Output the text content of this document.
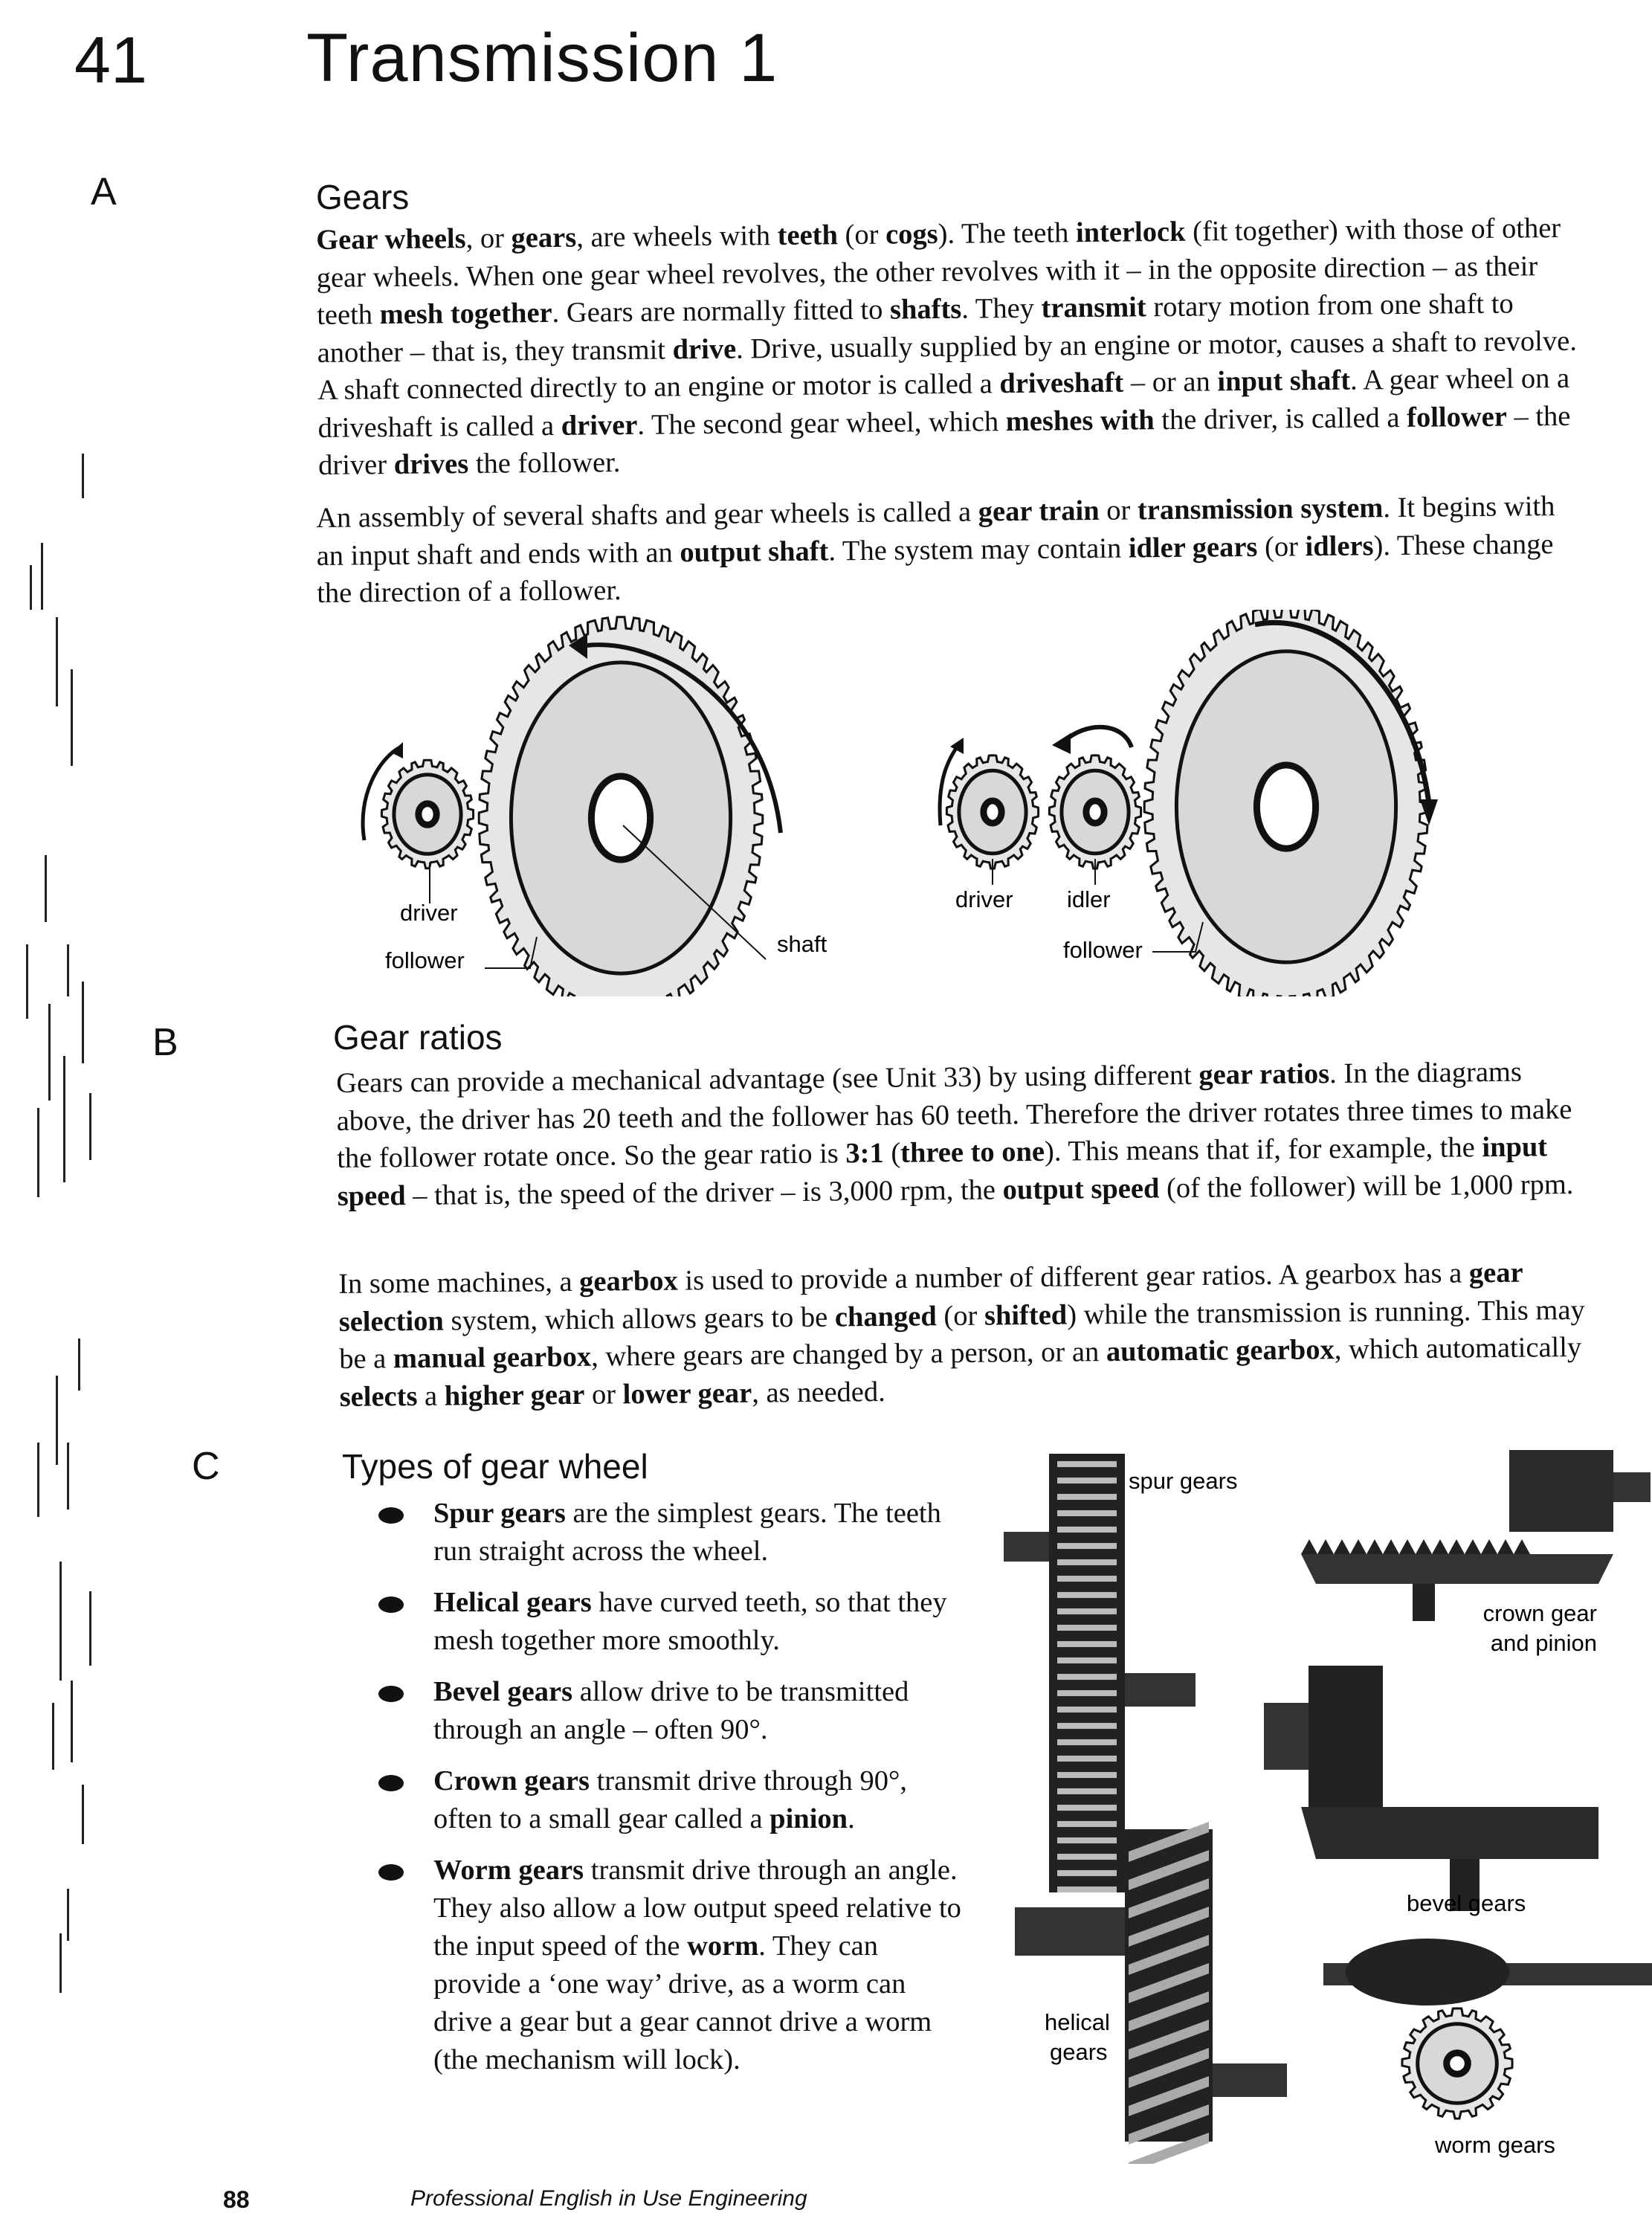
41 Transmission 1
A	Gears
Gear wheels, or gears, are wheels with teeth (or cogs). The teeth interlock (fit together) with those of other gear wheels. When one gear wheel revolves, the other revolves with it – in the opposite direction – as their teeth mesh together. Gears are normally fitted to shafts. They transmit rotary motion from one shaft to another – that is, they transmit drive. Drive, usually supplied by an engine or motor, causes a shaft to revolve. A shaft connected directly to an engine or motor is called a driveshaft – or an input shaft. A gear wheel on a driveshaft is called a driver. The second gear wheel, which meshes with the driver, is called a follower – the driver drives the follower.
An assembly of several shafts and gear wheels is called a gear train or transmission system. It begins with an input shaft and ends with an output shaft. The system may contain idler gears (or idlers). These change the direction of a follower.
driver
follower
shaft
driver idler
follower
B	Gear ratios
Gears can provide a mechanical advantage (see Unit 33) by using different gear ratios. In the diagrams above, the driver has 20 teeth and the follower has 60 teeth. Therefore the driver rotates three times to make the follower rotate once. So the gear ratio is 3:1 (three to one). This means that if, for example, the input speed – that is, the speed of the driver – is 3,000 rpm, the output speed (of the follower) will be 1,000 rpm.
In some machines, a gearbox is used to provide a number of different gear ratios. A gearbox has a gear selection system, which allows gears to be changed (or shifted) while the transmission is running. This may be a manual gearbox, where gears are changed by a person, or an automatic gearbox, which automatically selects a higher gear or lower gear, as needed.
C	Types of gear wheel
Spur gears are the simplest gears. The teeth run straight across the wheel.
Helical gears have curved teeth, so that they mesh together more smoothly.
Bevel gears allow drive to be transmitted through an angle – often 90°.
Crown gears transmit drive through 90°, often to a small gear called a pinion.
Worm gears transmit drive through an angle. They also allow a low output speed relative to the input speed of the worm. They can provide a ‘one way’ drive, as a worm can drive a gear but a gear cannot drive a worm (the mechanism will lock).
spur gears
crown gear
and pinion
bevel gears
helical
gears
worm gears
88	Professional English in Use Engineering
